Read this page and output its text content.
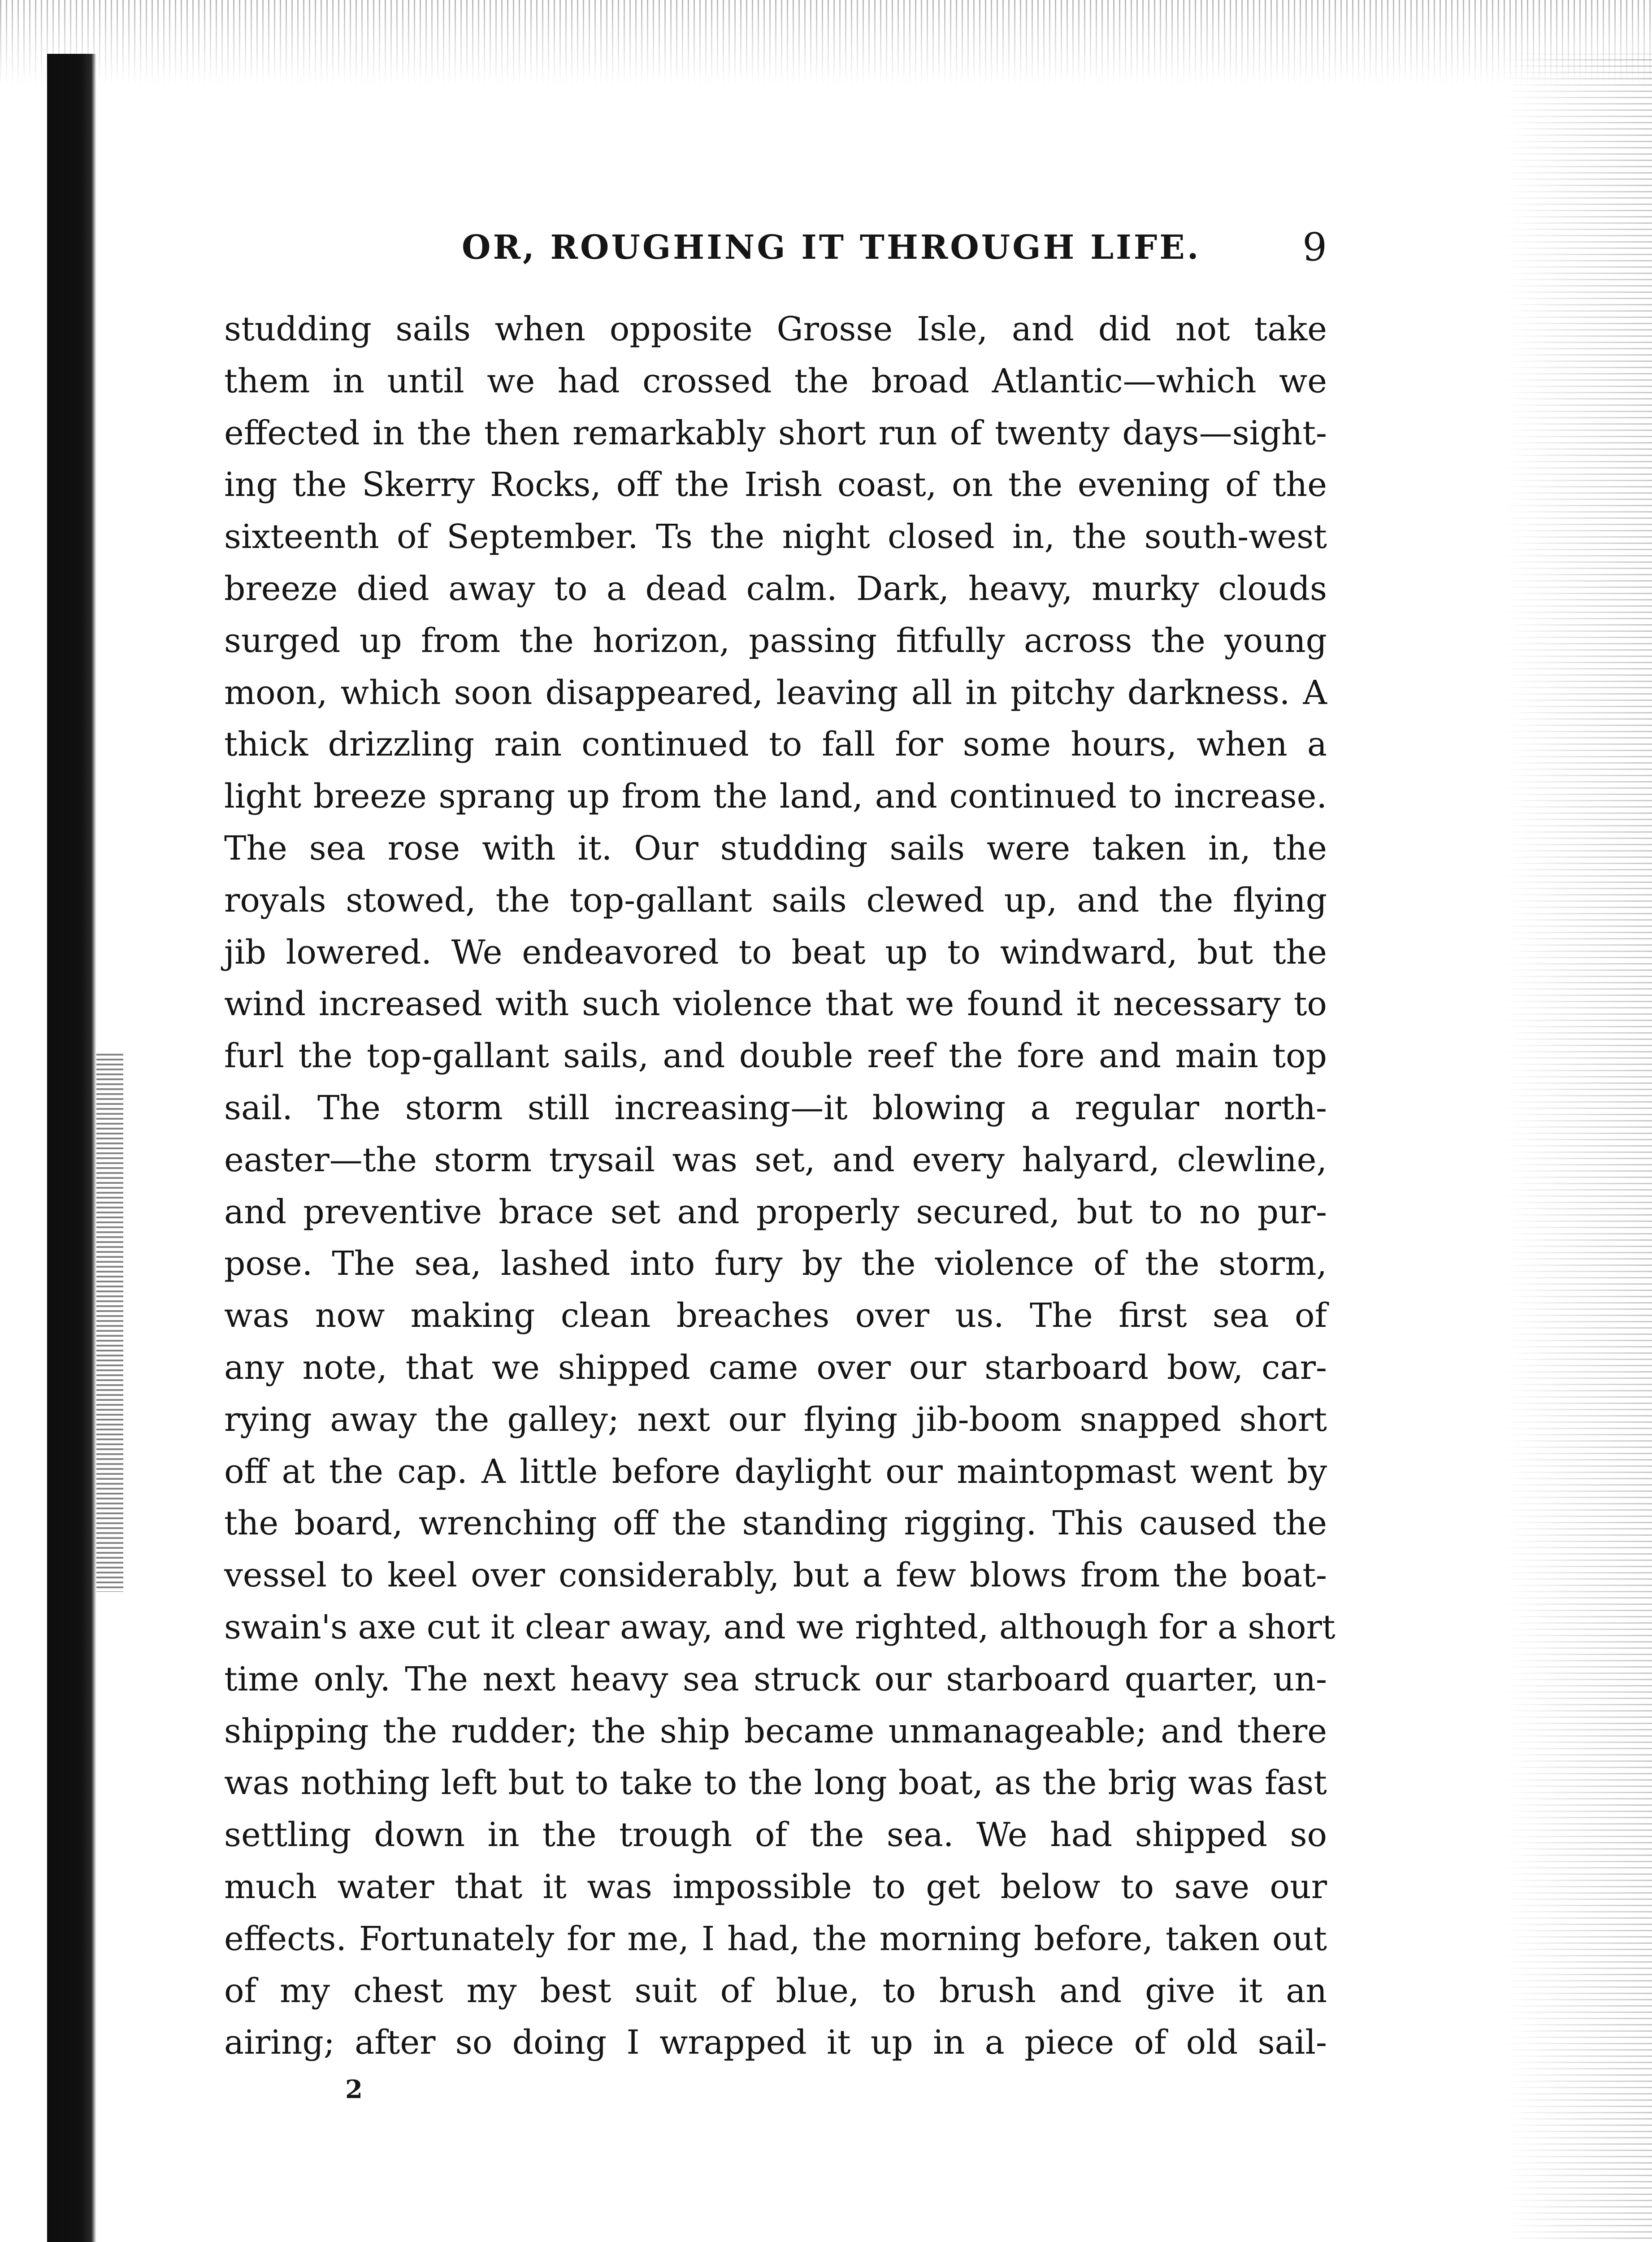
OR, ROUGHING IT THROUGH LIFE.	9
studding sails when opposite Grosse Isle, and did not take
them in until we had crossed the broad Atlantic—which we
effected in the then remarkably short run of twenty days—sight-
ing the Skerry Rocks, off the Irish coast, on the evening of the
sixteenth of September. Ts the night closed in, the south-west
breeze died away to a dead calm. Dark, heavy, murky clouds
surged up from the horizon, passing fitfully across the young
moon, which soon disappeared, leaving all in pitchy darkness. A
thick drizzling rain continued to fall for some hours, when a
light breeze sprang up from the land, and continued to increase.
The sea rose with it. Our studding sails were taken in, the
royals stowed, the top-gallant sails clewed up, and the flying
jib lowered. We endeavored to beat up to windward, but the
wind increased with such violence that we found it necessary to
furl the top-gallant sails, and double reef the fore and main top
sail. The storm still increasing—it blowing a regular north-
easter—the storm trysail was set, and every halyard, clewline,
and preventive brace set and properly secured, but to no pur-
pose. The sea, lashed into fury by the violence of the storm,
was now making clean breaches over us. The first sea of
any note, that we shipped came over our starboard bow, car-
rying away the galley; next our flying jib-boom snapped short
off at the cap. A little before daylight our maintopmast went by
the board, wrenching off the standing rigging. This caused the
vessel to keel over considerably, but a few blows from the boat-
swain's axe cut it clear away, and we righted, although for a short
time only. The next heavy sea struck our starboard quarter, un-
shipping the rudder; the ship became unmanageable; and there
was nothing left but to take to the long boat, as the brig was fast
settling down in the trough of the sea. We had shipped so
much water that it was impossible to get below to save our
effects. Fortunately for me, I had, the morning before, taken out
of my chest my best suit of blue, to brush and give it an
airing; after so doing I wrapped it up in a piece of old sail-
2
